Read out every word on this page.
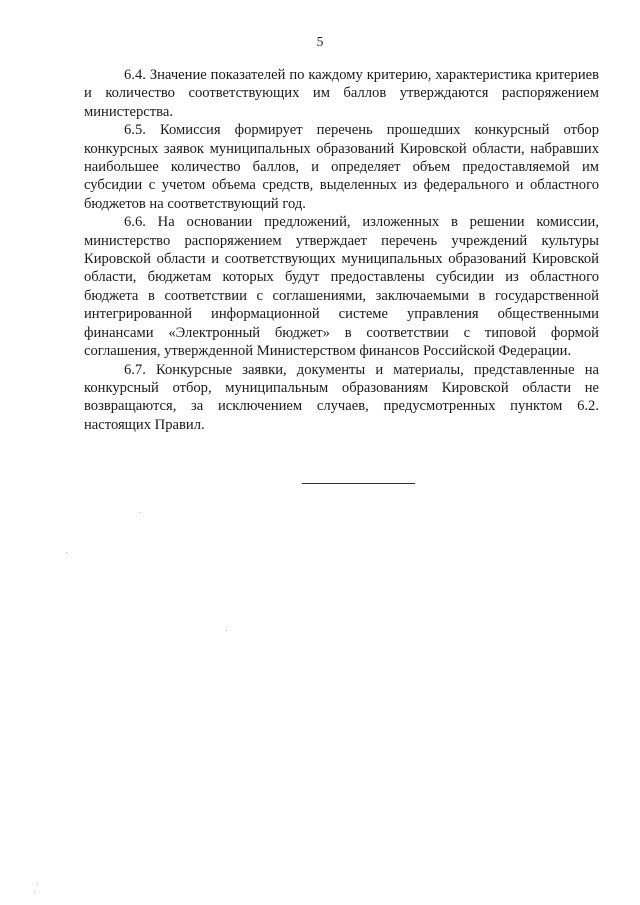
5

6.4. Значение показателей по каждому критерию, характеристика критериев и количество соответствующих им баллов утверждаются распоряжением министерства.

6.5. Комиссия формирует перечень прошедших конкурсный отбор конкурсных заявок муниципальных образований Кировской области, набравших наибольшее количество баллов, и определяет объем предоставляемой им субсидии с учетом объема средств, выделенных из федерального и областного бюджетов на соответствующий год.

6.6. На основании предложений, изложенных в решении комиссии, министерство распоряжением утверждает перечень учреждений культуры Кировской области и соответствующих муниципальных образований Кировской области, бюджетам которых будут предоставлены субсидии из областного бюджета в соответствии с соглашениями, заключаемыми в государственной интегрированной информационной системе управления общественными финансами «Электронный бюджет» в соответствии с типовой формой соглашения, утвержденной Министерством финансов Российской Федерации.

6.7. Конкурсные заявки, документы и материалы, представленные на конкурсный отбор, муниципальным образованиям Кировской области не возвращаются, за исключением случаев, предусмотренных пунктом 6.2. настоящих Правил.
